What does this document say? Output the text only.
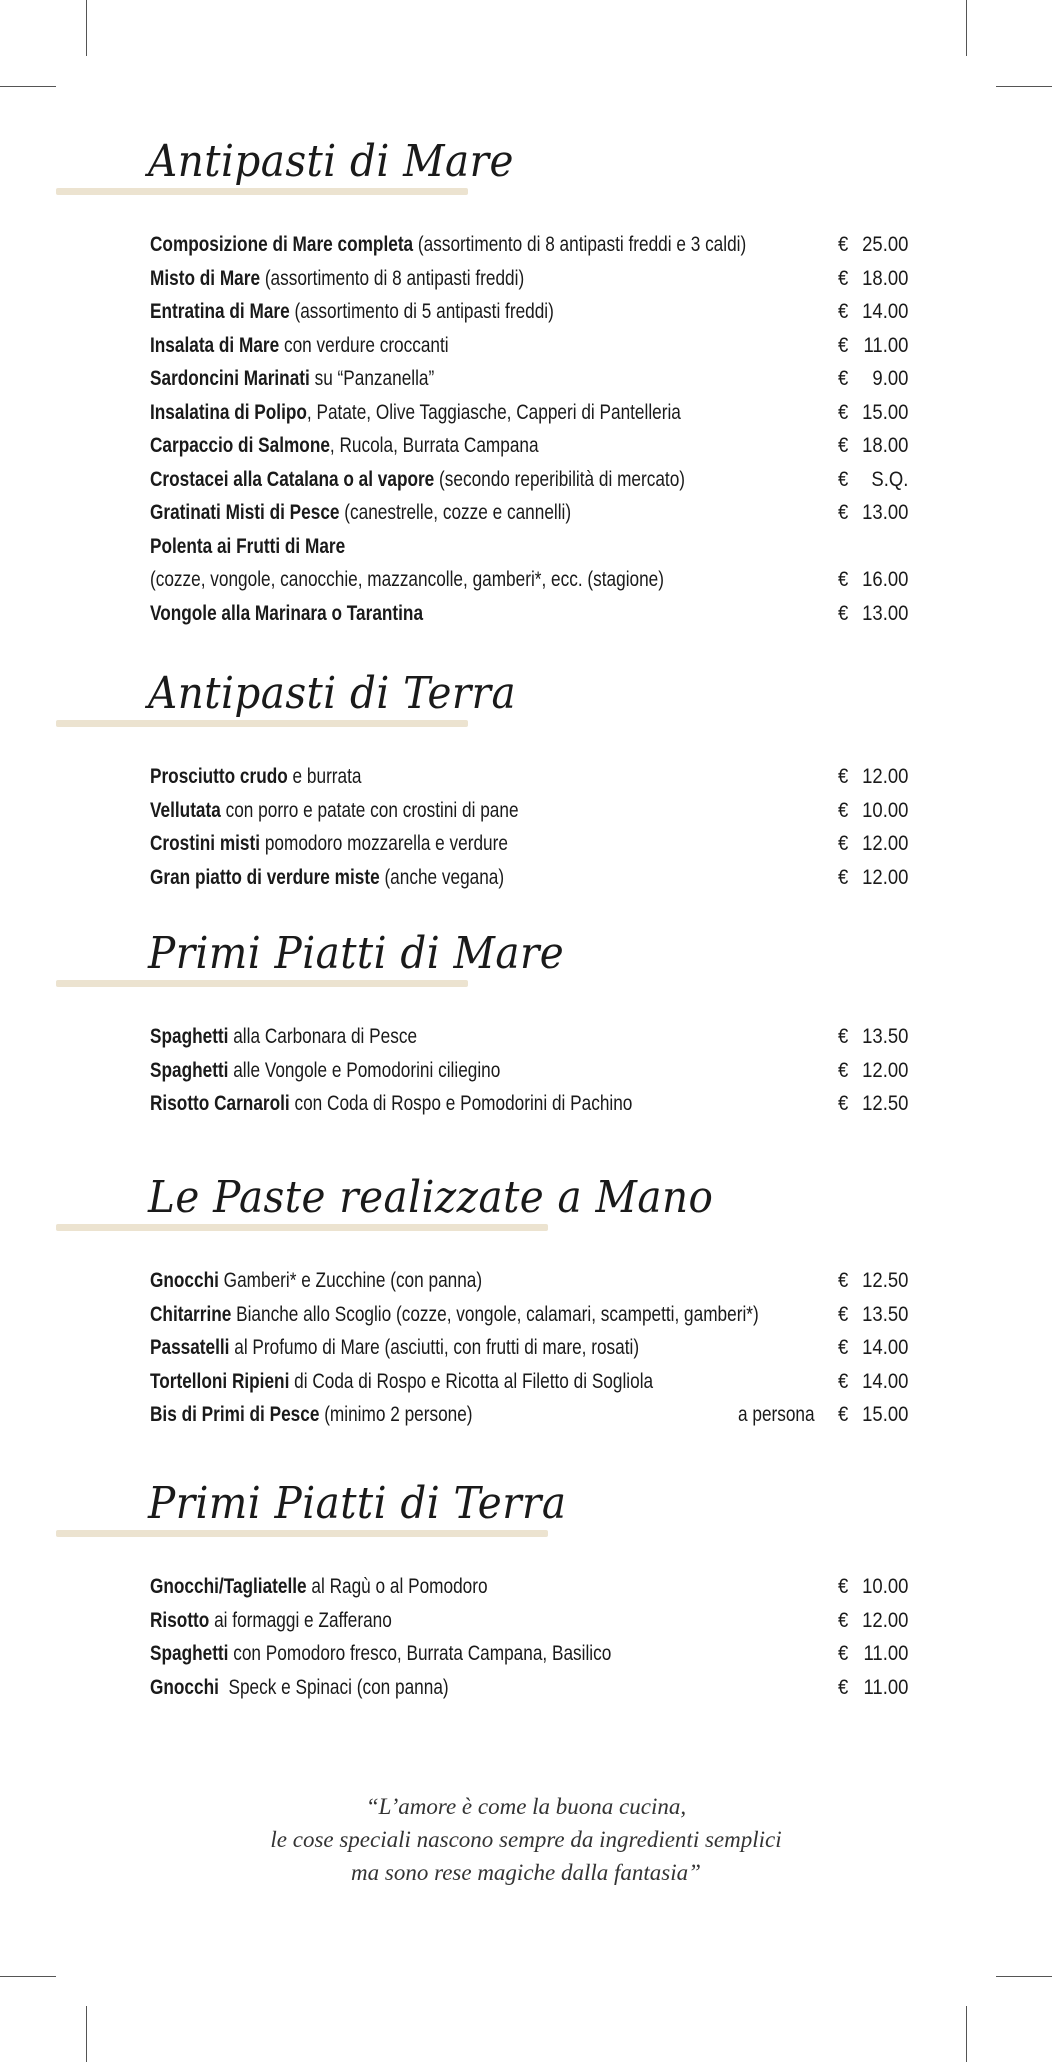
Antipasti di Mare
Composizione di Mare completa (assortimento di 8 antipasti freddi e 3 caldi)	€ 25.00
Misto di Mare (assortimento di 8 antipasti freddi)	€ 18.00
Entratina di Mare (assortimento di 5 antipasti freddi)	€ 14.00
Insalata di Mare con verdure croccanti	€ 11.00
Sardoncini Marinati su “Panzanella”	€ 9.00
Insalatina di Polipo, Patate, Olive Taggiasche, Capperi di Pantelleria	€ 15.00
Carpaccio di Salmone, Rucola, Burrata Campana	€ 18.00
Crostacei alla Catalana o al vapore (secondo reperibilità di mercato)	€ S.Q.
Gratinati Misti di Pesce (canestrelle, cozze e cannelli)	€ 13.00
Polenta ai Frutti di Mare
(cozze, vongole, canocchie, mazzancolle, gamberi*, ecc. (stagione)	€ 16.00
Vongole alla Marinara o Tarantina	€ 13.00
Antipasti di Terra
Prosciutto crudo e burrata	€ 12.00
Vellutata con porro e patate con crostini di pane	€ 10.00
Crostini misti pomodoro mozzarella e verdure	€ 12.00
Gran piatto di verdure miste (anche vegana)	€ 12.00
Primi Piatti di Mare
Spaghetti alla Carbonara di Pesce	€ 13.50
Spaghetti alle Vongole e Pomodorini ciliegino	€ 12.00
Risotto Carnaroli con Coda di Rospo e Pomodorini di Pachino	€ 12.50
Le Paste realizzate a Mano
Gnocchi Gamberi* e Zucchine (con panna)	€ 12.50
Chitarrine Bianche allo Scoglio (cozze, vongole, calamari, scampetti, gamberi*)	€ 13.50
Passatelli al Profumo di Mare (asciutti, con frutti di mare, rosati)	€ 14.00
Tortelloni Ripieni di Coda di Rospo e Ricotta al Filetto di Sogliola	€ 14.00
Bis di Primi di Pesce (minimo 2 persone)	a persona € 15.00
Primi Piatti di Terra
Gnocchi/Tagliatelle al Ragù o al Pomodoro	€ 10.00
Risotto ai formaggi e Zafferano	€ 12.00
Spaghetti con Pomodoro fresco, Burrata Campana, Basilico	€ 11.00
Gnocchi  Speck e Spinaci (con panna)	€ 11.00
“L’amore è come la buona cucina,
le cose speciali nascono sempre da ingredienti semplici
ma sono rese magiche dalla fantasia”
